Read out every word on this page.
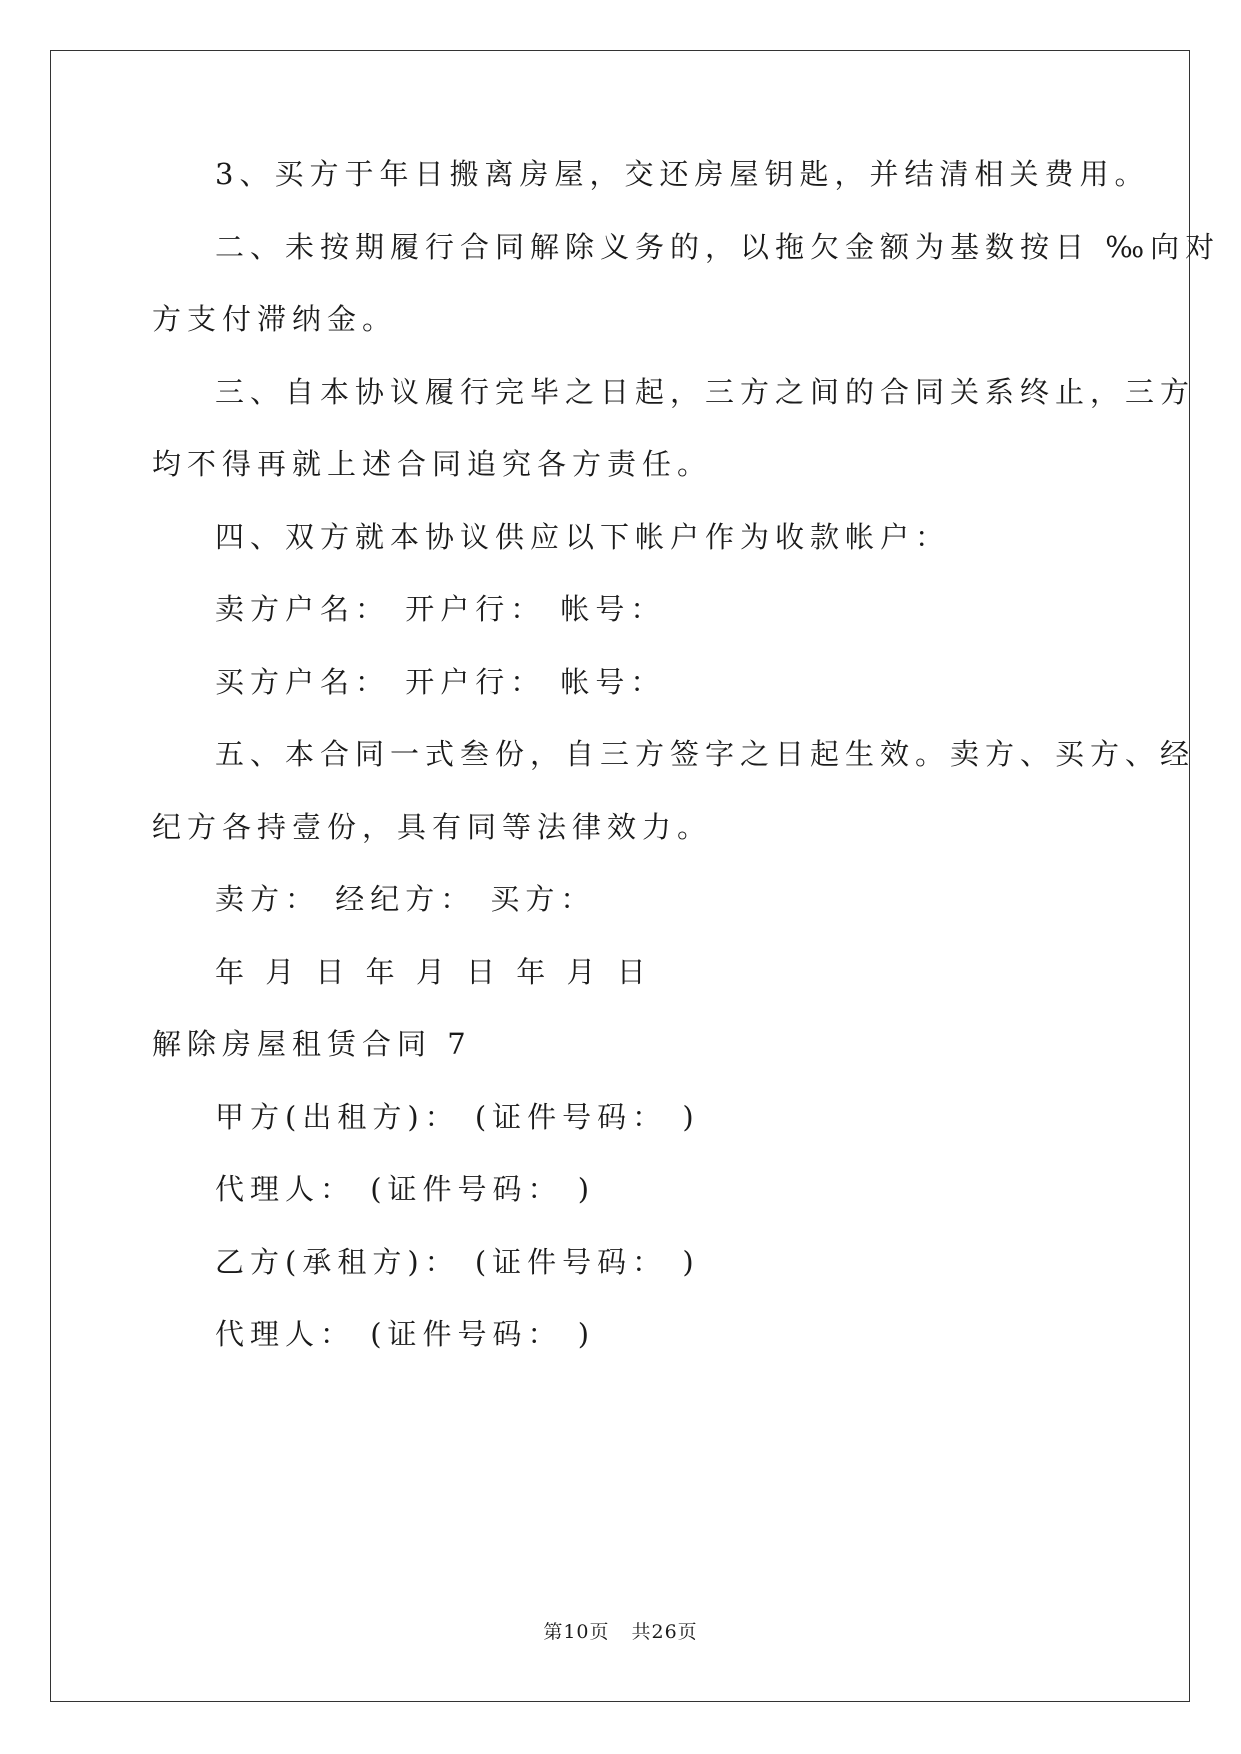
3、买方于年日搬离房屋，交还房屋钥匙，并结清相关费用。
二、未按期履行合同解除义务的，以拖欠金额为基数按日 ‰向对
方支付滞纳金。
三、自本协议履行完毕之日起，三方之间的合同关系终止，三方
均不得再就上述合同追究各方责任。
四、双方就本协议供应以下帐户作为收款帐户：
卖方户名： 开户行： 帐号：
买方户名： 开户行： 帐号：
五、本合同一式叁份，自三方签字之日起生效。卖方、买方、经
纪方各持壹份，具有同等法律效力。
卖方： 经纪方： 买方：
年 月 日 年 月 日 年 月 日
解除房屋租赁合同 7
甲方(出租方)： (证件号码： )
代理人： (证件号码： )
乙方(承租方)： (证件号码： )
代理人： (证件号码： )
第10页 共26页
